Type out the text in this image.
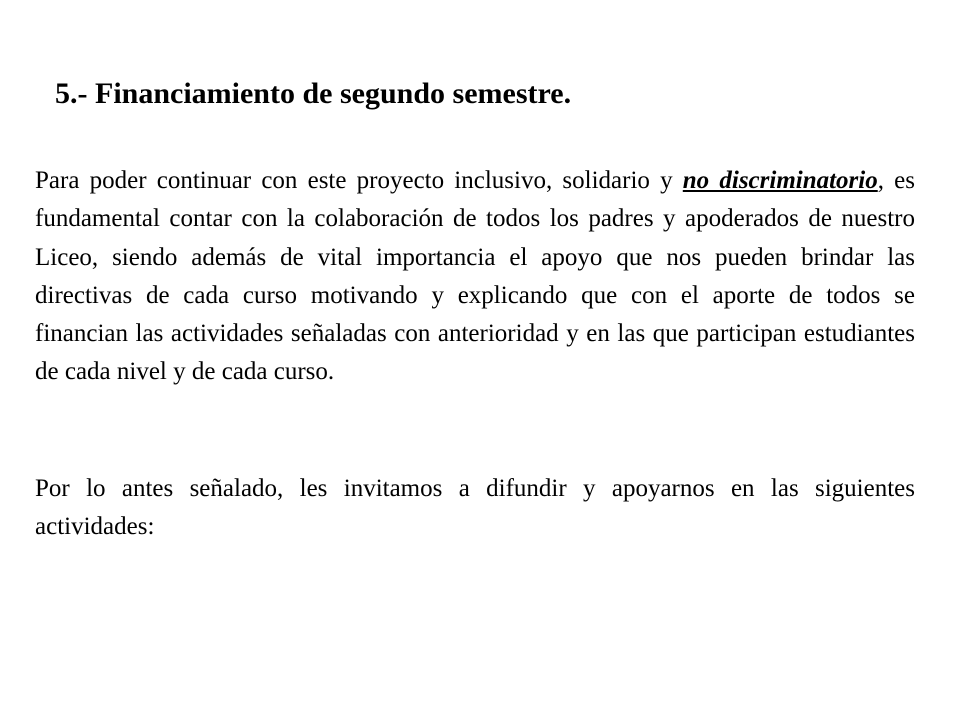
5.- Financiamiento de segundo semestre.

Para poder continuar con este proyecto inclusivo, solidario y no discriminatorio, es fundamental contar con la colaboración de todos los padres y apoderados de nuestro Liceo, siendo además de vital importancia el apoyo que nos pueden brindar las directivas de cada curso motivando y explicando que con el aporte de todos se financian las actividades señaladas con anterioridad y en las que participan estudiantes de cada nivel y de cada curso.

Por lo antes señalado, les invitamos a difundir y apoyarnos en las siguientes actividades:
